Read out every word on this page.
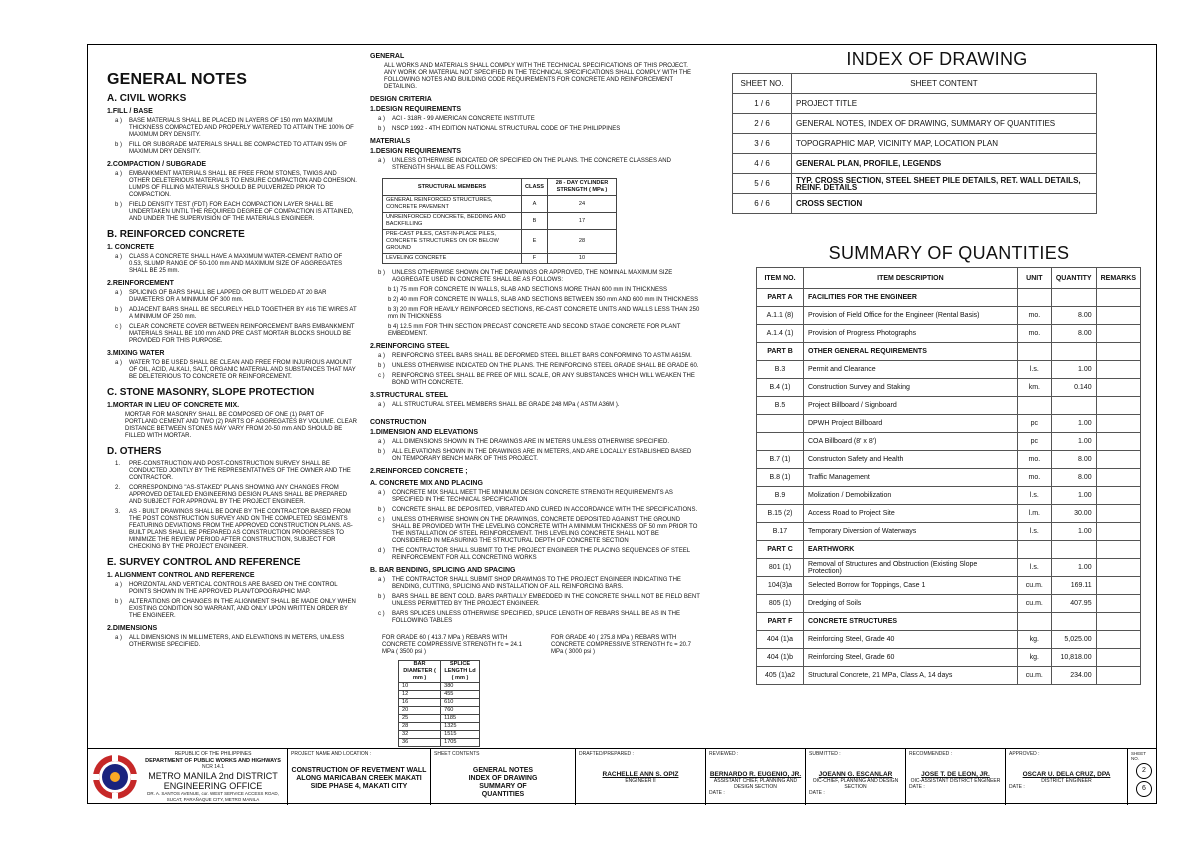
GENERAL NOTES
A. CIVIL WORKS
1.FILL / BASE
a )	BASE MATERIALS SHALL BE PLACED IN LAYERS OF 150 mm MAXIMUM THICKNESS COMPACTED AND PROPERLY WATERED TO ATTAIN THE 100% OF MAXIMUM DRY DENSITY.
b )	FILL OR SUBGRADE MATERIALS SHALL BE COMPACTED TO ATTAIN 95% OF MAXIMUM DRY DENSITY.
2.COMPACTION / SUBGRADE
a )	EMBANKMENT MATERIALS SHALL BE FREE FROM STONES, TWIGS AND OTHER DELETERIOUS MATERIALS TO ENSURE COMPACTION AND COHESION. LUMPS OF FILLING MATERIALS SHOULD BE PULVERIZED PRIOR TO COMPACTION.
b )	FIELD DENSITY TEST (FDT) FOR EACH COMPACTION LAYER SHALL BE UNDERTAKEN UNTIL THE REQUIRED DEGREE OF COMPACTION IS ATTAINED, AND UNDER THE SUPERVISION OF THE MATERIALS ENGINEER.
B. REINFORCED CONCRETE
1. CONCRETE
a )	CLASS A CONCRETE SHALL HAVE A MAXIMUM WATER-CEMENT RATIO OF 0.53, SLUMP RANGE OF 50-100 mm AND MAXIMUM SIZE OF AGGREGATES SHALL BE 25 mm.
2.REINFORCEMENT
a )	SPLICING OF BARS SHALL BE LAPPED OR BUTT WELDED AT 20 BAR DIAMETERS OR A MINIMUM OF 300 mm.
b )	ADJACENT BARS SHALL BE SECURELY HELD TOGETHER BY #16 TIE WIRES AT A MINIMUM OF 250 mm.
c )	CLEAR CONCRETE COVER BETWEEN REINFORCEMENT BARS EMBANKMENT MATERIALS SHALL BE 100 mm AND PRE CAST MORTAR BLOCKS SHOULD BE PROVIDED FOR THIS PURPOSE.
3.MIXING WATER
a )	WATER TO BE USED SHALL BE CLEAN AND FREE FROM INJURIOUS AMOUNT OF OIL, ACID, ALKALI, SALT, ORGANIC MATERIAL AND SUBSTANCES THAT MAY BE DELETERIOUS TO CONCRETE OR REINFORCEMENT.
C. STONE MASONRY, SLOPE PROTECTION
1.MORTAR IN LIEU OF CONCRETE MIX.
MORTAR FOR MASONRY SHALL BE COMPOSED OF ONE (1) PART OF PORTLAND CEMENT AND TWO (2) PARTS OF AGGREGATES BY VOLUME. CLEAR DISTANCE BETWEEN STONES MAY VARY FROM 20-50 mm AND SHOULD BE FILLED WITH MORTAR.
D. OTHERS
1.	PRE-CONSTRUCTION AND POST-CONSTRUCTION SURVEY SHALL BE CONDUCTED JOINTLY BY THE REPRESENTATIVES OF THE OWNER AND THE CONTRACTOR.
2.	CORRESPONDING "AS-STAKED" PLANS SHOWING ANY CHANGES FROM APPROVED DETAILED ENGINEERING DESIGN PLANS SHALL BE PREPARED AND SUBJECT FOR APPROVAL BY THE PROJECT ENGINEER.
3.	AS - BUILT DRAWINGS SHALL BE DONE BY THE CONTRACTOR BASED FROM THE POST CONSTRUCTION SURVEY AND ON THE COMPLETED SEGMENTS FEATURING DEVIATIONS FROM THE APPROVED CONSTRUCTION PLANS. AS-BUILT PLANS SHALL BE PREPARED AS CONSTRUCTION PROGRESSES TO MINIMIZE THE REVIEW PERIOD AFTER CONSTRUCTION, SUBJECT FOR CHECKING BY THE PROJECT ENGINEER.
E. SURVEY CONTROL AND REFERENCE
1. ALIGNMENT CONTROL AND REFERENCE
a )	HORIZONTAL AND VERTICAL CONTROLS ARE BASED ON THE CONTROL POINTS SHOWN IN THE APPROVED PLAN/TOPOGRAPHIC MAP.
b )	ALTERATIONS OR CHANGES IN THE ALIGNMENT SHALL BE MADE ONLY WHEN EXISTING CONDITION SO WARRANT, AND ONLY UPON WRITTEN ORDER BY THE ENGINEER.
2.DIMENSIONS
a )	ALL DIMENSIONS IN MILLIMETERS, AND ELEVATIONS IN METERS, UNLESS OTHERWISE SPECIFIED.
GENERAL
ALL WORKS AND MATERIALS SHALL COMPLY WITH THE TECHNICAL SPECIFICATIONS OF THIS PROJECT. ANY WORK OR MATERIAL NOT SPECIFIED IN THE TECHNICAL SPECIFICATIONS SHALL COMPLY WITH THE FOLLOWING NOTES AND BUILDING CODE REQUIREMENTS FOR CONCRETE AND REINFORCEMENT DETAILING.
DESIGN CRITERIA
1.DESIGN REQUIREMENTS
a )	ACI - 318R - 99 AMERICAN CONCRETE INSTITUTE
b )	NSCP 1992 - 4TH EDITION NATIONAL STRUCTURAL CODE OF THE PHILIPPINES
MATERIALS
1.DESIGN REQUIREMENTS
a )	UNLESS OTHERWISE INDICATED OR SPECIFIED ON THE PLANS. THE CONCRETE CLASSES AND STRENGTH SHALL BE AS FOLLOWS:
STRUCTURAL MEMBERS	CLASS	28 - DAY CYLINDER STRENGTH ( MPa )
GENERAL REINFORCED STRUCTURES, CONCRETE PAVEMENT	A	24
UNREINFORCED CONCRETE, BEDDING AND BACKFILLING	B	17
PRE-CAST PILES, CAST-IN-PLACE PILES, CONCRETE STRUCTURES ON OR BELOW GROUND	E	28
LEVELING CONCRETE	F	10
b )	UNLESS OTHERWISE SHOWN ON THE DRAWINGS OR APPROVED, THE NOMINAL MAXIMUM SIZE AGGREGATE USED IN CONCRETE SHALL BE AS FOLLOWS:
b 1) 75 mm FOR CONCRETE IN WALLS, SLAB AND SECTIONS MORE THAN 600 mm IN THICKNESS
b 2) 40 mm FOR CONCRETE IN WALLS, SLAB AND SECTIONS BETWEEN 350 mm AND 600 mm IN THICKNESS
b 3) 20 mm FOR HEAVILY REINFORCED SECTIONS, RE-CAST CONCRETE UNITS AND WALLS LESS THAN 250 mm IN THICKNESS
b 4) 12.5 mm FOR THIN SECTION PRECAST CONCRETE AND SECOND STAGE CONCRETE FOR PLANT EMBEDMENT.
2.REINFORCING STEEL
a )	REINFORCING STEEL BARS SHALL BE DEFORMED STEEL BILLET BARS CONFORMING TO ASTM A615M.
b )	UNLESS OTHERWISE INDICATED ON THE PLANS. THE REINFORCING STEEL GRADE SHALL BE GRADE 60.
c )	REINFORCING STEEL SHALL BE FREE OF MILL SCALE, OR ANY SUBSTANCES WHICH WILL WEAKEN THE BOND WITH CONCRETE.
3.STRUCTURAL STEEL
a )	ALL STRUCTURAL STEEL MEMBERS SHALL BE GRADE 248 MPa ( ASTM A36M ).
CONSTRUCTION
1.DIMENSION AND ELEVATIONS
a )	ALL DIMENSIONS SHOWN IN THE DRAWINGS ARE IN METERS UNLESS OTHERWISE SPECIFIED.
b )	ALL ELEVATIONS SHOWN IN THE DRAWINGS ARE IN METERS, AND ARE LOCALLY ESTABLISHED BASED ON TEMPORARY BENCH MARK OF THIS PROJECT.
2.REINFORCED CONCRETE ;
A. CONCRETE MIX AND PLACING
a )	CONCRETE MIX SHALL MEET THE MINIMUM DESIGN CONCRETE STRENGTH REQUIREMENTS AS SPECIFIED IN THE TECHNICAL SPECIFICATION
b )	CONCRETE SHALL BE DEPOSITED, VIBRATED AND CURED IN ACCORDANCE WITH THE SPECIFICATIONS.
c )	UNLESS OTHERWISE SHOWN ON THE DRAWINGS, CONCRETE DEPOSITED AGAINST THE GROUND SHALL BE PROVIDED WITH THE LEVELING CONCRETE WITH A MINIMUM THICKNESS OF 50 mm PRIOR TO THE INSTALLATION OF STEEL REINFORCEMENT. THIS LEVELING CONCRETE SHALL NOT BE CONSIDERED IN MEASURING THE STRUCTURAL DEPTH OF CONCRETE SECTION
d )	THE CONTRACTOR SHALL SUBMIT TO THE PROJECT ENGINEER THE PLACING SEQUENCES OF STEEL REINFORCEMENT FOR ALL CONCRETING WORKS
B. BAR BENDING, SPLICING AND SPACING
a )	THE CONTRACTOR SHALL SUBMIT SHOP DRAWINGS TO THE PROJECT ENGINEER INDICATING THE BENDING, CUTTING, SPLICING AND INSTALLATION OF ALL REINFORCING BARS.
b )	BARS SHALL BE BENT COLD. BARS PARTIALLY EMBEDDED IN THE CONCRETE SHALL NOT BE FIELD BENT UNLESS PERMITTED BY THE PROJECT ENGINEER.
c )	BARS SPLICES UNLESS OTHERWISE SPECIFIED, SPLICE LENGTH OF REBARS SHALL BE AS IN THE FOLLOWING TABLES
FOR GRADE 60 ( 413.7 MPa ) REBARS WITH CONCRETE COMPRESSIVE STRENGTH f'c = 24.1 MPa ( 3500 psi )
FOR GRADE 40 ( 275.8 MPa ) REBARS WITH CONCRETE COMPRESSIVE STRENGTH f'c = 20.7 MPa ( 3000 psi )
BAR DIAMETER ( mm )	SPLICE LENGTH Ld ( mm )
10	380
12	455
16	610
20	760
25	1185
28	1325
32	1515
36	1705
INDEX OF DRAWING
SHEET NO.	SHEET CONTENT
1 / 6	PROJECT TITLE
2 / 6	GENERAL NOTES, INDEX OF DRAWING, SUMMARY OF QUANTITIES
3 / 6	TOPOGRAPHIC MAP, VICINITY MAP, LOCATION PLAN
4 / 6	GENERAL PLAN, PROFILE, LEGENDS
5 / 6	TYP. CROSS SECTION, STEEL SHEET PILE DETAILS, RET. WALL DETAILS, REINF. DETAILS
6 / 6	CROSS SECTION
SUMMARY OF QUANTITIES
ITEM NO.	ITEM DESCRIPTION	UNIT	QUANTITY	REMARKS
PART A	FACILITIES FOR THE ENGINEER			
A.1.1 (8)	Provision of Field Office for the Engineer (Rental Basis)	mo.	8.00	
A.1.4 (1)	Provision of Progress Photographs	mo.	8.00	
PART B	OTHER GENERAL REQUIREMENTS			
B.3	Permit and Clearance	l.s.	1.00	
B.4 (1)	Construction Survey and Staking	km.	0.140	
B.5	Project Billboard / Signboard			
	DPWH Project Billboard	pc	1.00	
	COA Billboard (8' x 8')	pc	1.00	
B.7 (1)	Constructon Safety and Health	mo.	8.00	
B.8 (1)	Traffic Management	mo.	8.00	
B.9	Molization / Demobilization	l.s.	1.00	
B.15 (2)	Access Road to Project Site	l.m.	30.00	
B.17	Temporary Diversion of Waterways	l.s.	1.00	
PART C	EARTHWORK			
801 (1)	Removal of Structures and Obstruction (Existing Slope Protection)	l.s.	1.00	
104(3)a	Selected Borrow for Toppings, Case 1	cu.m.	169.11	
805 (1)	Dredging of Soils	cu.m.	407.95	
PART F	CONCRETE STRUCTURES			
404 (1)a	Reinforcing Steel, Grade 40	kg.	5,025.00	
404 (1)b	Reinforcing Steel, Grade 60	kg.	10,818.00	
405 (1)a2	Structural Concrete, 21 MPa, Class A, 14 days	cu.m.	234.00	
REPUBLIC OF THE PHILIPPINES
DEPARTMENT OF PUBLIC WORKS AND HIGHWAYS
NCR 14.1
METRO MANILA 2nd DISTRICT
ENGINEERING OFFICE
DR. A. SANTOS AVENUE, cor. WEST SERVICE ACCESS ROAD,
SUCAT, PARAÑAQUE CITY, METRO MANILA
PROJECT NAME AND LOCATION :
CONSTRUCTION OF REVETMENT WALL ALONG MARICABAN CREEK MAKATI SIDE PHASE 4, MAKATI CITY
SHEET CONTENTS
GENERAL NOTES INDEX OF DRAWING SUMMARY OF QUANTITIES
DRAFTED/PREPARED :
RACHELLE ANN S. OPIZ
ENGINEER II
REVIEWED :
BERNARDO R. EUGENIO, JR.
ASSISTANT CHIEF, PLANNING AND DESIGN SECTION
DATE :
SUBMITTED :
JOEANN G. ESCANLAR
OIC-CHIEF, PLANNING AND DESIGN SECTION
DATE :
RECOMMENDED :
JOSE T. DE LEON, JR.
OIC-ASSISTANT DISTRICT ENGINEER
DATE :
APPROVED :
OSCAR U. DELA CRUZ, DPA
DISTRICT ENGINEER
DATE :
SHEET NO.
2
6
